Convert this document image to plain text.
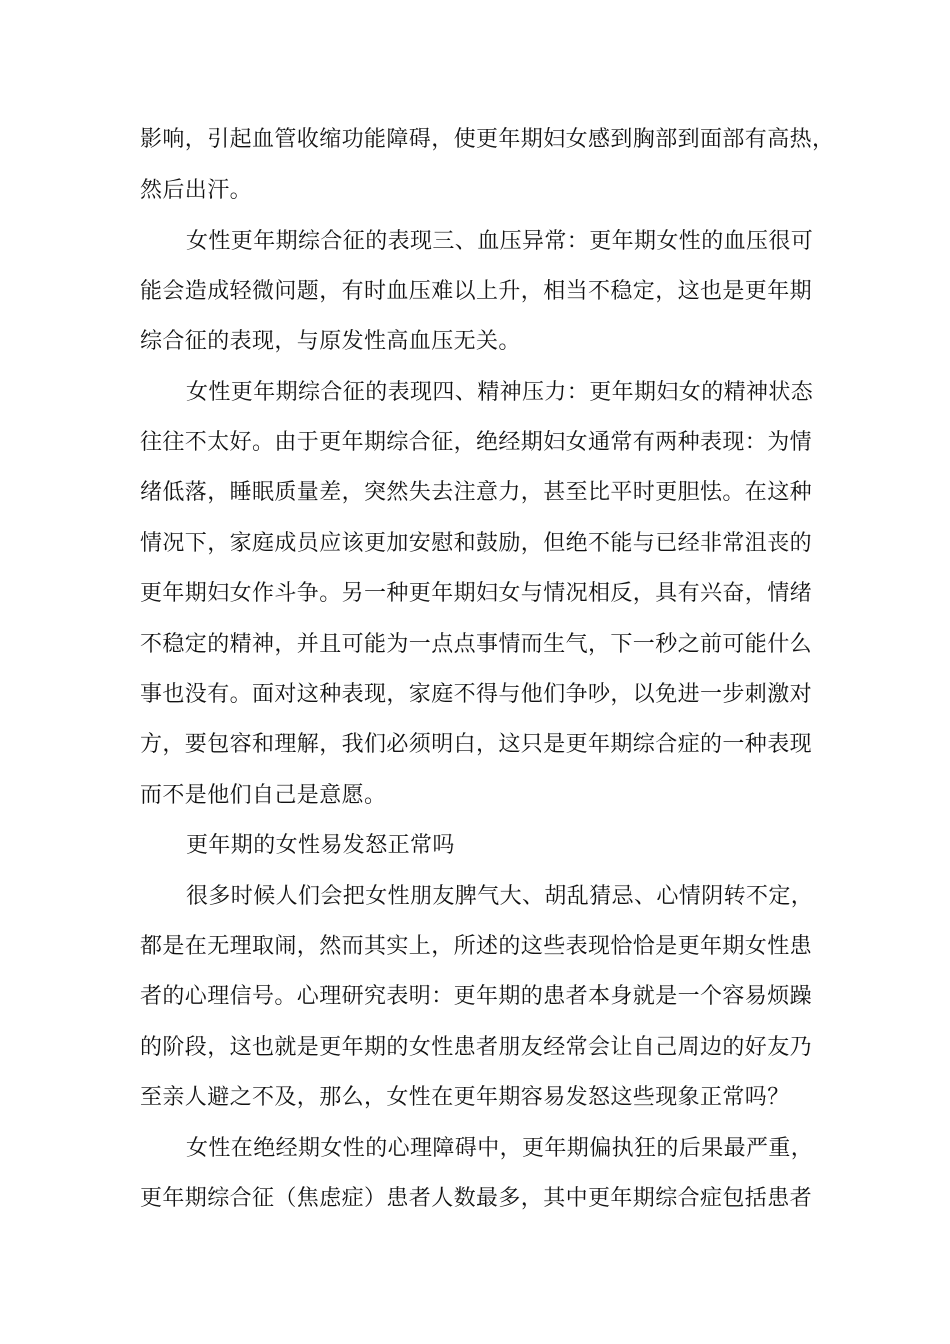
影响，引起血管收缩功能障碍，使更年期妇女感到胸部到面部有高热，
然后出汗。
女性更年期综合征的表现三、血压异常：更年期女性的血压很可
能会造成轻微问题，有时血压难以上升，相当不稳定，这也是更年期
综合征的表现，与原发性高血压无关。
女性更年期综合征的表现四、精神压力：更年期妇女的精神状态
往往不太好。由于更年期综合征，绝经期妇女通常有两种表现：为情
绪低落，睡眠质量差，突然失去注意力，甚至比平时更胆怯。在这种
情况下，家庭成员应该更加安慰和鼓励，但绝不能与已经非常沮丧的
更年期妇女作斗争。另一种更年期妇女与情况相反，具有兴奋，情绪
不稳定的精神，并且可能为一点点事情而生气，下一秒之前可能什么
事也没有。面对这种表现，家庭不得与他们争吵，以免进一步刺激对
方，要包容和理解，我们必须明白，这只是更年期综合症的一种表现
而不是他们自己是意愿。
更年期的女性易发怒正常吗
很多时候人们会把女性朋友脾气大、胡乱猜忌、心情阴转不定，
都是在无理取闹，然而其实上，所述的这些表现恰恰是更年期女性患
者的心理信号。心理研究表明：更年期的患者本身就是一个容易烦躁
的阶段，这也就是更年期的女性患者朋友经常会让自己周边的好友乃
至亲人避之不及，那么，女性在更年期容易发怒这些现象正常吗？
女性在绝经期女性的心理障碍中，更年期偏执狂的后果最严重，
更年期综合征（焦虑症）患者人数最多，其中更年期综合症包括患者
